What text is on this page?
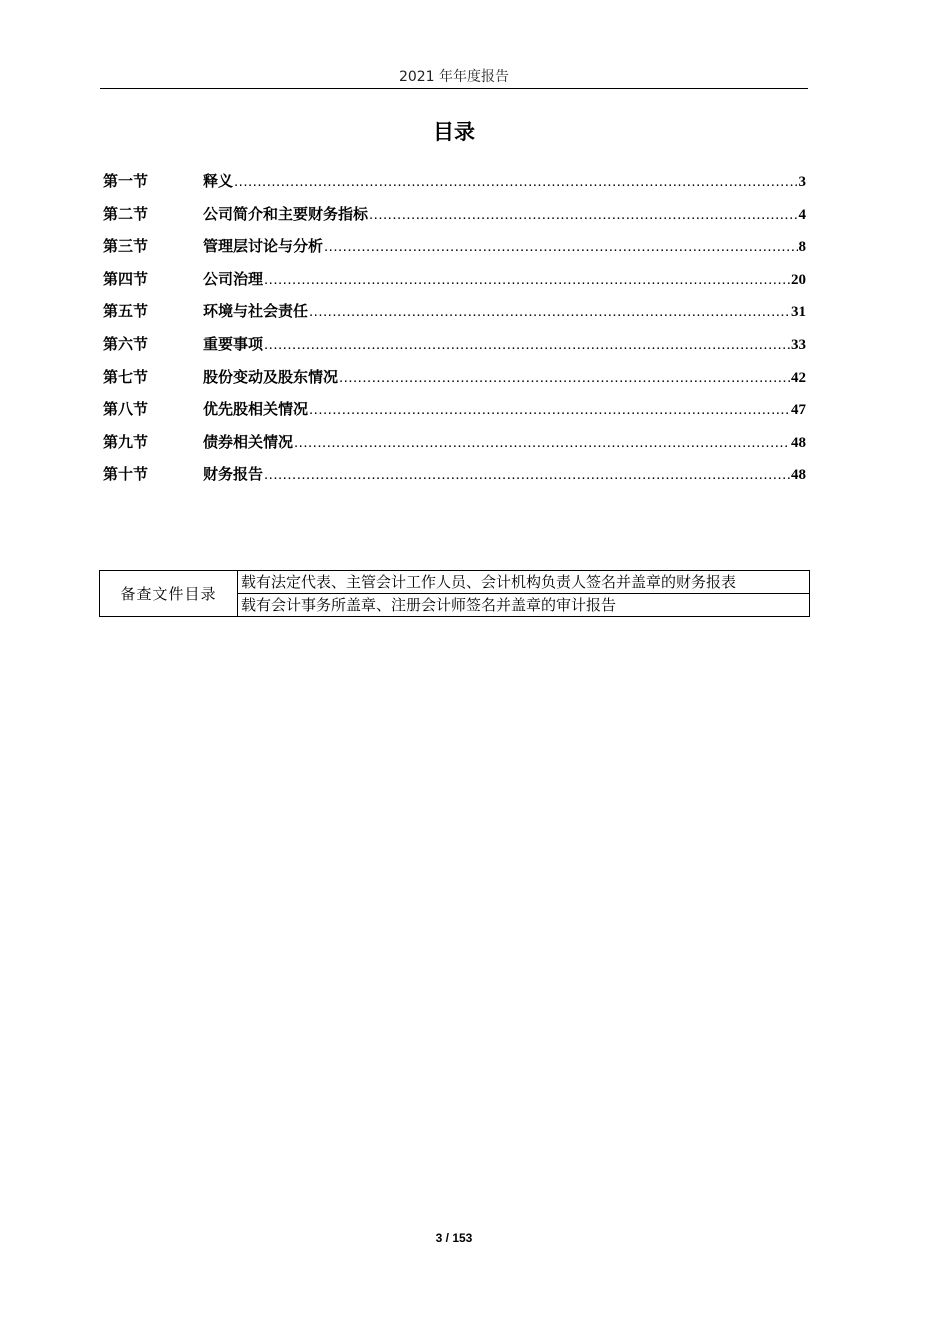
2021 年年度报告
目录
第一节	释义 .....	3
第二节	公司简介和主要财务指标 .....	4
第三节	管理层讨论与分析 .....	8
第四节	公司治理 .....	20
第五节	环境与社会责任 .....	31
第六节	重要事项 .....	33
第七节	股份变动及股东情况 .....	42
第八节	优先股相关情况 .....	47
第九节	债券相关情况 .....	48
第十节	财务报告 .....	48
备查文件目录	载有法定代表、主管会计工作人员、会计机构负责人签名并盖章的财务报表
载有会计事务所盖章、注册会计师签名并盖章的审计报告
3 / 153
